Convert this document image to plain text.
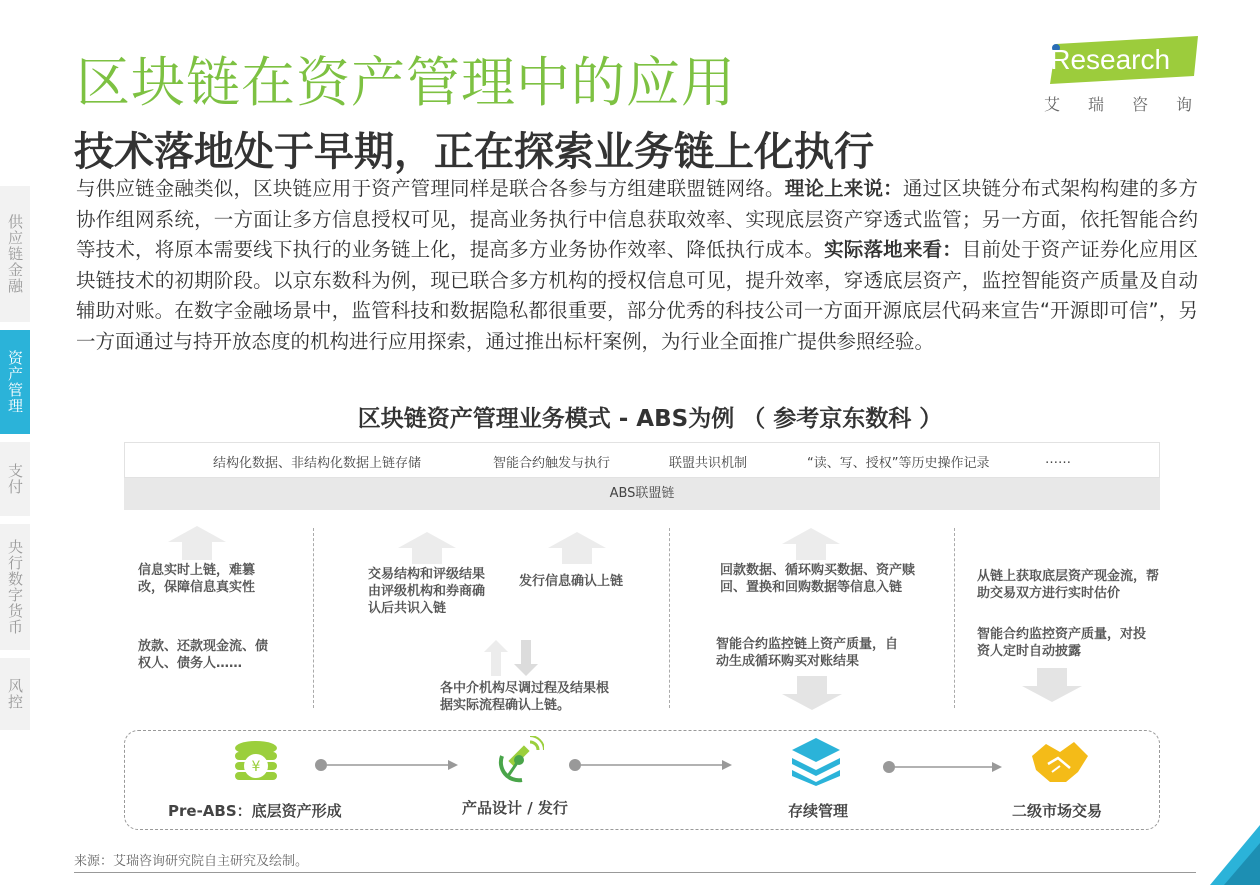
区块链在资产管理中的应用
技术落地处于早期，正在探索业务链上化执行
iResearch
艾瑞咨询
供应链金融
资产管理
支付
央行数字货币
风控
与供应链金融类似，区块链应用于资产管理同样是联合各参与方组建联盟链网络。理论上来说：通过区块链分布式架构构建的多方协作组网系统，一方面让多方信息授权可见，提高业务执行中信息获取效率、实现底层资产穿透式监管；另一方面，依托智能合约等技术，将原本需要线下执行的业务链上化，提高多方业务协作效率、降低执行成本。实际落地来看：目前处于资产证券化应用区块链技术的初期阶段。以京东数科为例，现已联合多方机构的授权信息可见，提升效率，穿透底层资产，监控智能资产质量及自动辅助对账。在数字金融场景中，监管科技和数据隐私都很重要，部分优秀的科技公司一方面开源底层代码来宣告“开源即可信”，另一方面通过与持开放态度的机构进行应用探索，通过推出标杆案例，为行业全面推广提供参照经验。
区块链资产管理业务模式 - ABS为例 （ 参考京东数科 ）
结构化数据、非结构化数据上链存储	智能合约触发与执行	联盟共识机制	“读、写、授权”等历史操作记录	……
ABS联盟链
信息实时上链，难篡改，保障信息真实性
放款、还款现金流、债权人、债务人……
交易结构和评级结果由评级机构和券商确认后共识入链
发行信息确认上链
各中介机构尽调过程及结果根据实际流程确认上链。
回款数据、循环购买数据、资产赎回、置换和回购数据等信息入链
智能合约监控链上资产质量，自动生成循环购买对账结果
从链上获取底层资产现金流，帮助交易双方进行实时估价
智能合约监控资产质量，对投资人定时自动披露
¥
Pre-ABS：底层资产形成	产品设计 / 发行	存续管理	二级市场交易
来源：艾瑞咨询研究院自主研究及绘制。
